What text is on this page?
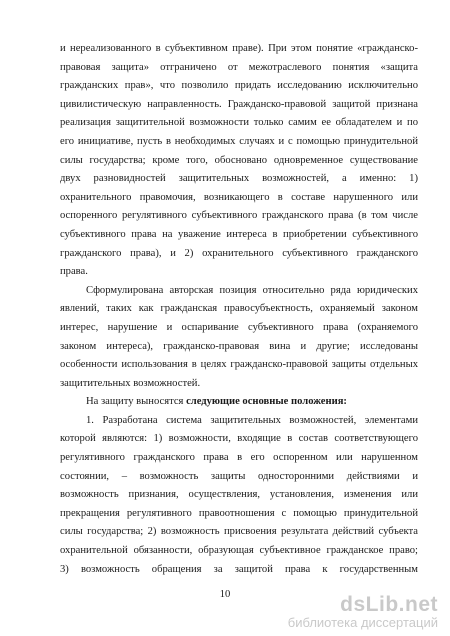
и нереализованного в субъективном праве). При этом понятие «гражданско-
правовая защита» отграничено от межотраслевого понятия «защита
гражданских прав», что позволило придать исследованию исключительно
цивилистическую направленность. Гражданско-правовой защитой признана
реализация защитительной возможности только самим ее обладателем и по
его инициативе, пусть в необходимых случаях и с помощью принудительной
силы государства; кроме того, обосновано одновременное существование
двух разновидностей защитительных возможностей, а именно: 1)
охранительного правомочия, возникающего в составе нарушенного или
оспоренного регулятивного субъективного гражданского права (в том числе
субъективного права на уважение интереса в приобретении субъективного
гражданского права), и 2) охранительного субъективного гражданского
права.
Сформулирована авторская позиция относительно ряда юридических
явлений, таких как гражданская правосубъектность, охраняемый законом
интерес, нарушение и оспаривание субъективного права (охраняемого
законом интереса), гражданско-правовая вина и другие; исследованы
особенности использования в целях гражданско-правовой защиты отдельных
защитительных возможностей.
На защиту выносятся следующие основные положения:
1. Разработана система защитительных возможностей, элементами
которой являются: 1) возможности, входящие в состав соответствующего
регулятивного гражданского права в его оспоренном или нарушенном
состоянии, – возможность защиты односторонними действиями и
возможность признания, осуществления, установления, изменения или
прекращения регулятивного правоотношения с помощью принудительной
силы государства; 2) возможность присвоения результата действий субъекта
охранительной обязанности, образующая субъективное гражданское право;
3) возможность обращения за защитой права к государственным
10	dsLib.net
библиотека диссертаций
